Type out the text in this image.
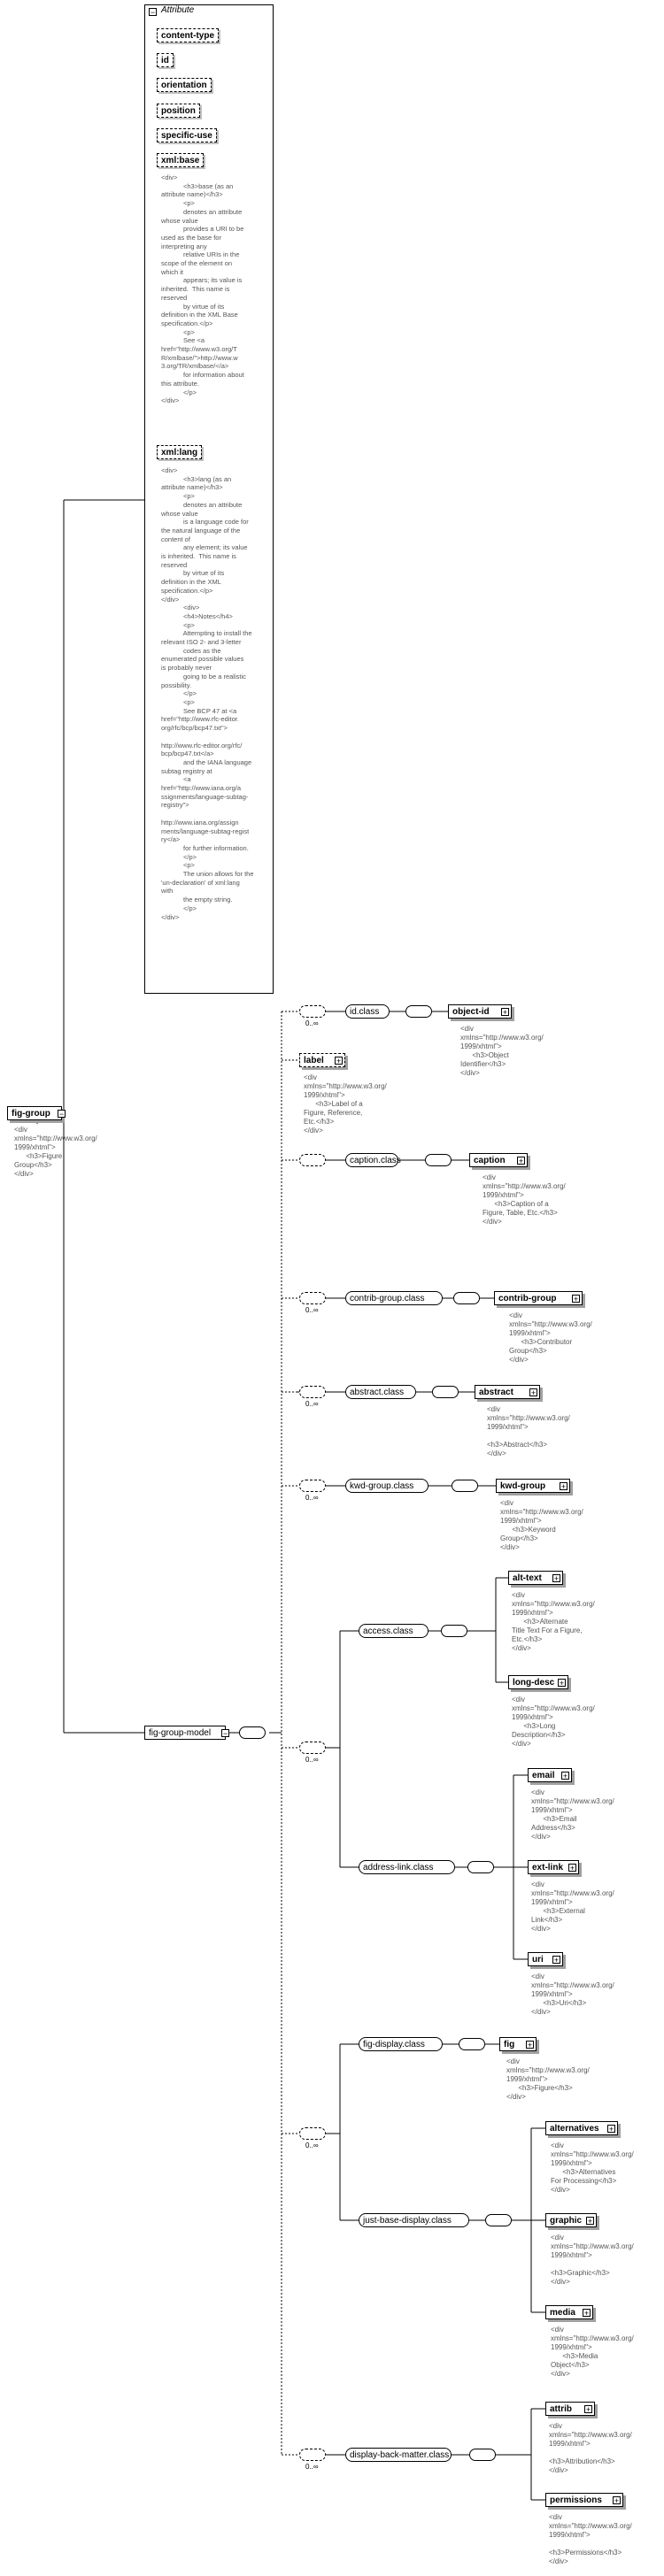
fig-group −
<div
xmlns="http://www.w3.org/
1999/xhtml">
<h3>Figure
Group</h3>
</div>
− Attribute
content-type
id
orientation
position
specific-use
xml:base
<div>
<h3>base (as an
attribute name)</h3>
<p>
denotes an attribute
whose value
provides a URI to be
used as the base for
interpreting any
relative URIs in the
scope of the element on
which it
appears; its value is
inherited.  This name is
reserved
by virtue of its
definition in the XML Base
specification.</p>
<p>
See <a
href="http://www.w3.org/T
R/xmlbase/">http://www.w
3.org/TR/xmlbase/</a>
for information about
this attribute.
</p>
</div>
xml:lang
<div>
<h3>lang (as an
attribute name)</h3>
<p>
denotes an attribute
whose value
is a language code for
the natural language of the
content of
any element; its value
is inherited.  This name is
reserved
by virtue of its
definition in the XML
specification.</p>
</div>
<div>
<h4>Notes</h4>
<p>
Attempting to install the
relevant ISO 2- and 3-letter
codes as the
enumerated possible values
is probably never
going to be a realistic
possibility.
</p>
<p>
See BCP 47 at <a
href="http://www.rfc-editor.
org/rfc/bcp/bcp47.txt">

http://www.rfc-editor.org/rfc/
bcp/bcp47.txt</a>
and the IANA language
subtag registry at
<a
href="http://www.iana.org/a
ssignments/language-subtag-
registry">

http://www.iana.org/assign
ments/language-subtag-regist
ry</a>
for further information.
</p>
<p>
The union allows for the
'un-declaration' of xml:lang
with
the empty string.
</p>
</div>
fig-group-model −
0..∞
id.class	object-id +
<div
xmlns="http://www.w3.org/
1999/xhtml">
<h3>Object
Identifier</h3>
</div>
label +
<div
xmlns="http://www.w3.org/
1999/xhtml">
<h3>Label of a
Figure, Reference,
Etc.</h3>
</div>
caption.class	caption +
<div
xmlns="http://www.w3.org/
1999/xhtml">
<h3>Caption of a
Figure, Table, Etc.</h3>
</div>
0..∞
contrib-group.class	contrib-group +
<div
xmlns="http://www.w3.org/
1999/xhtml">
<h3>Contributor
Group</h3>
</div>
0..∞
abstract.class	abstract +
<div
xmlns="http://www.w3.org/
1999/xhtml">

<h3>Abstract</h3>
</div>
0..∞
kwd-group.class	kwd-group +
<div
xmlns="http://www.w3.org/
1999/xhtml">
<h3>Keyword
Group</h3>
</div>
0..∞
access.class
alt-text +
<div
xmlns="http://www.w3.org/
1999/xhtml">
<h3>Alternate
Title Text For a Figure,
Etc.</h3>
</div>
long-desc +
<div
xmlns="http://www.w3.org/
1999/xhtml">
<h3>Long
Description</h3>
</div>
address-link.class
email +
<div
xmlns="http://www.w3.org/
1999/xhtml">
<h3>Email
Address</h3>
</div>
ext-link +
<div
xmlns="http://www.w3.org/
1999/xhtml">
<h3>External
Link</h3>
</div>
uri +
<div
xmlns="http://www.w3.org/
1999/xhtml">
<h3>Uri</h3>
</div>
0..∞
fig-display.class	fig +
<div
xmlns="http://www.w3.org/
1999/xhtml">
<h3>Figure</h3>
</div>
just-base-display.class
alternatives +
<div
xmlns="http://www.w3.org/
1999/xhtml">
<h3>Alternatives
For Processing</h3>
</div>
graphic +
<div
xmlns="http://www.w3.org/
1999/xhtml">

<h3>Graphic</h3>
</div>
media +
<div
xmlns="http://www.w3.org/
1999/xhtml">
<h3>Media
Object</h3>
</div>
0..∞
display-back-matter.class
attrib +
<div
xmlns="http://www.w3.org/
1999/xhtml">

<h3>Attribution</h3>
</div>
permissions +
<div
xmlns="http://www.w3.org/
1999/xhtml">

<h3>Permissions</h3>
</div>
